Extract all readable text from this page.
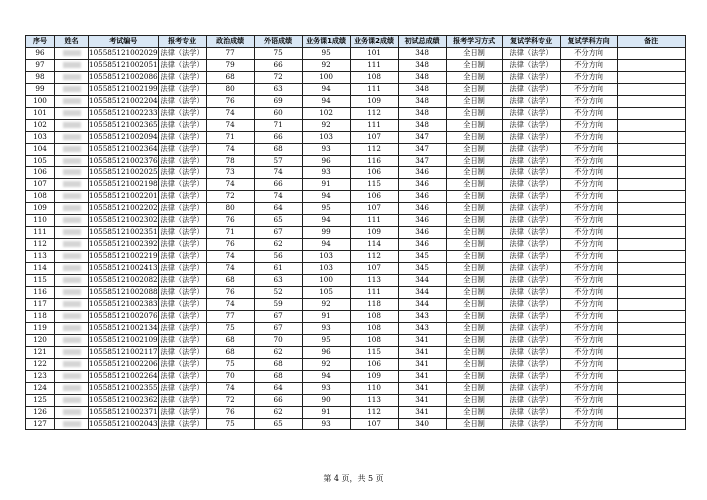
序号	姓名	考试编号	报考专业	政治成绩	外语成绩	业务课1成绩	业务课2成绩	初试总成绩	报考学习方式	复试学科专业	复试学科方向	备注
96		105585121002029	法律（法学）	77	75	95	101	348	全日制	法律（法学）	不分方向	
97		105585121002051	法律（法学）	79	66	92	111	348	全日制	法律（法学）	不分方向	
98		105585121002086	法律（法学）	68	72	100	108	348	全日制	法律（法学）	不分方向	
99		105585121002199	法律（法学）	80	63	94	111	348	全日制	法律（法学）	不分方向	
100		105585121002204	法律（法学）	76	69	94	109	348	全日制	法律（法学）	不分方向	
101		105585121002233	法律（法学）	74	60	102	112	348	全日制	法律（法学）	不分方向	
102		105585121002365	法律（法学）	74	71	92	111	348	全日制	法律（法学）	不分方向	
103		105585121002094	法律（法学）	71	66	103	107	347	全日制	法律（法学）	不分方向	
104		105585121002364	法律（法学）	74	68	93	112	347	全日制	法律（法学）	不分方向	
105		105585121002376	法律（法学）	78	57	96	116	347	全日制	法律（法学）	不分方向	
106		105585121002025	法律（法学）	73	74	93	106	346	全日制	法律（法学）	不分方向	
107		105585121002198	法律（法学）	74	66	91	115	346	全日制	法律（法学）	不分方向	
108		105585121002201	法律（法学）	72	74	94	106	346	全日制	法律（法学）	不分方向	
109		105585121002202	法律（法学）	80	64	95	107	346	全日制	法律（法学）	不分方向	
110		105585121002302	法律（法学）	76	65	94	111	346	全日制	法律（法学）	不分方向	
111		105585121002351	法律（法学）	71	67	99	109	346	全日制	法律（法学）	不分方向	
112		105585121002392	法律（法学）	76	62	94	114	346	全日制	法律（法学）	不分方向	
113		105585121002219	法律（法学）	74	56	103	112	345	全日制	法律（法学）	不分方向	
114		105585121002413	法律（法学）	74	61	103	107	345	全日制	法律（法学）	不分方向	
115		105585121002082	法律（法学）	68	63	100	113	344	全日制	法律（法学）	不分方向	
116		105585121002088	法律（法学）	76	52	105	111	344	全日制	法律（法学）	不分方向	
117		105585121002383	法律（法学）	74	59	92	118	344	全日制	法律（法学）	不分方向	
118		105585121002076	法律（法学）	77	67	91	108	343	全日制	法律（法学）	不分方向	
119		105585121002134	法律（法学）	75	67	93	108	343	全日制	法律（法学）	不分方向	
120		105585121002109	法律（法学）	68	70	95	108	341	全日制	法律（法学）	不分方向	
121		105585121002117	法律（法学）	68	62	96	115	341	全日制	法律（法学）	不分方向	
122		105585121002206	法律（法学）	75	68	92	106	341	全日制	法律（法学）	不分方向	
123		105585121002264	法律（法学）	70	68	94	109	341	全日制	法律（法学）	不分方向	
124		105585121002355	法律（法学）	74	64	93	110	341	全日制	法律（法学）	不分方向	
125		105585121002362	法律（法学）	72	66	90	113	341	全日制	法律（法学）	不分方向	
126		105585121002371	法律（法学）	76	62	91	112	341	全日制	法律（法学）	不分方向	
127		105585121002043	法律（法学）	75	65	93	107	340	全日制	法律（法学）	不分方向	
第 4 页，共 5 页
